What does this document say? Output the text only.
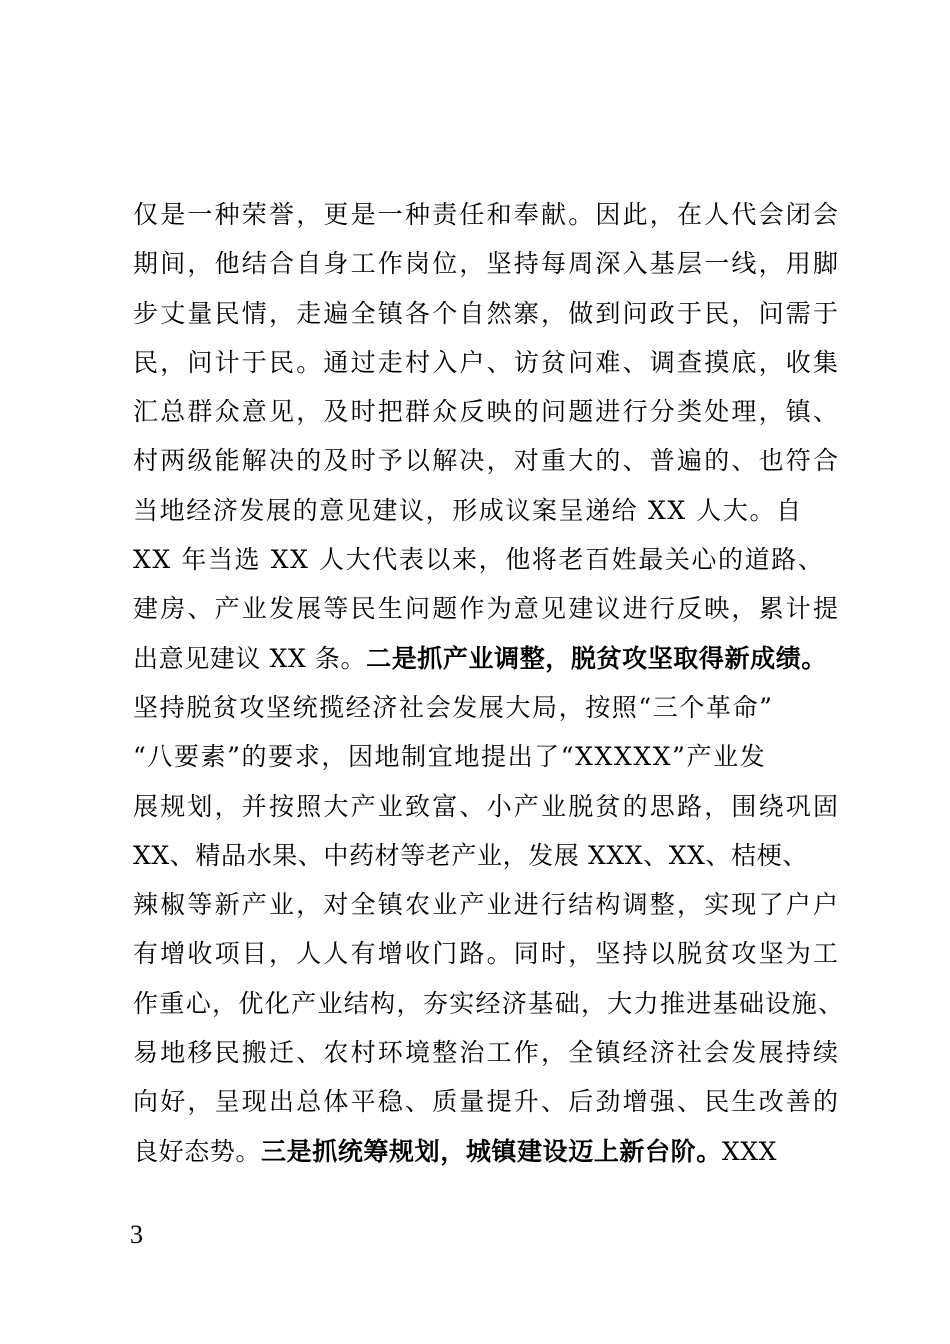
仅是一种荣誉，更是一种责任和奉献。因此，在人代会闭会
期间，他结合自身工作岗位，坚持每周深入基层一线，用脚
步丈量民情，走遍全镇各个自然寨，做到问政于民，问需于
民，问计于民。通过走村入户、访贫问难、调查摸底，收集
汇总群众意见，及时把群众反映的问题进行分类处理，镇、
村两级能解决的及时予以解决，对重大的、普遍的、也符合
当地经济发展的意见建议，形成议案呈递给 XX 人大。自
XX 年当选 XX 人大代表以来，他将老百姓最关心的道路、
建房、产业发展等民生问题作为意见建议进行反映，累计提
出意见建议 XX 条。二是抓产业调整，脱贫攻坚取得新成绩。
坚持脱贫攻坚统揽经济社会发展大局，按照“三个革命”
“八要素”的要求，因地制宜地提出了“XXXXX”产业发
展规划，并按照大产业致富、小产业脱贫的思路，围绕巩固
XX、精品水果、中药材等老产业，发展 XXX、XX、桔梗、
辣椒等新产业，对全镇农业产业进行结构调整，实现了户户
有增收项目，人人有增收门路。同时，坚持以脱贫攻坚为工
作重心，优化产业结构，夯实经济基础，大力推进基础设施、
易地移民搬迁、农村环境整治工作，全镇经济社会发展持续
向好，呈现出总体平稳、质量提升、后劲增强、民生改善的
良好态势。三是抓统筹规划，城镇建设迈上新台阶。XXX
3
